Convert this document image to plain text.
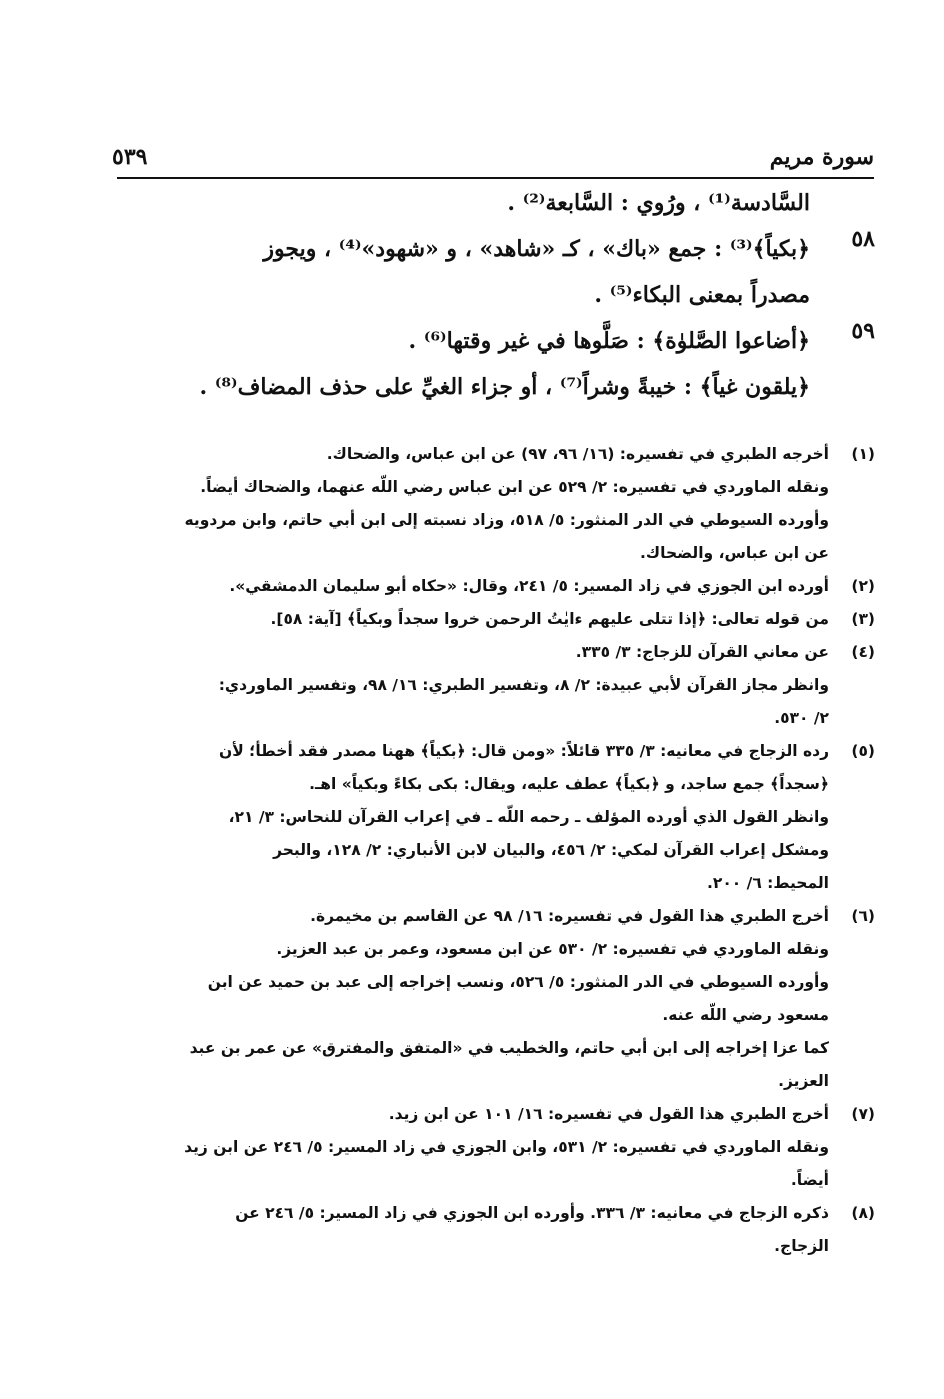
سورة مريم
٥٣٩
السَّادسة⁽¹⁾ ، ورُوي : السَّابعة⁽²⁾ .
٥٨
﴿بكياً﴾⁽³⁾ : جمع «باك» ، كـ «شاهد» ، و «شهود»⁽⁴⁾ ، ويجوز
مصدراً بمعنى البكاء⁽⁵⁾ .
٥٩
﴿أضاعوا الصَّلوٰة﴾ : صَلَّوها في غير وقتها⁽⁶⁾ .
﴿يلقون غياً﴾ : خيبةً وشراً⁽⁷⁾ ، أو جزاء الغيِّ على حذف المضاف⁽⁸⁾ .
(١)
أخرجه الطبري في تفسيره: (١٦/ ٩٦، ٩٧) عن ابن عباس، والضحاك.
ونقله الماوردي في تفسيره: ٢/ ٥٢٩ عن ابن عباس رضي اللّه عنهما، والضحاك أيضاً.
وأورده السيوطي في الدر المنثور: ٥/ ٥١٨، وزاد نسبته إلى ابن أبي حاتم، وابن مردويه
عن ابن عباس، والضحاك.
(٢)
أورده ابن الجوزي في زاد المسير: ٥/ ٢٤١، وقال: «حكاه أبو سليمان الدمشقي».
(٣)
من قوله تعالى: ﴿إذا تتلى عليهم ءايٰتُ الرحمن خروا سجداً وبكياً﴾ [آية: ٥٨].
(٤)
عن معاني القرآن للزجاج: ٣/ ٣٣٥.
وانظر مجاز القرآن لأبي عبيدة: ٢/ ٨، وتفسير الطبري: ١٦/ ٩٨، وتفسير الماوردي:
٢/ ٥٣٠.
(٥)
رده الزجاج في معانيه: ٣/ ٣٣٥ قائلاً: «ومن قال: ﴿بكياً﴾ ههنا مصدر فقد أخطأ؛ لأن
﴿سجداً﴾ جمع ساجد، و ﴿بكياً﴾ عطف عليه، ويقال: بكى بكاءً وبكياً» اهـ.
وانظر القول الذي أورده المؤلف ـ رحمه اللّه ـ في إعراب القرآن للنحاس: ٣/ ٢١،
ومشكل إعراب القرآن لمكي: ٢/ ٤٥٦، والبيان لابن الأنباري: ٢/ ١٢٨، والبحر
المحيط: ٦/ ٢٠٠.
(٦)
أخرج الطبري هذا القول في تفسيره: ١٦/ ٩٨ عن القاسم بن مخيمرة.
ونقله الماوردي في تفسيره: ٢/ ٥٣٠ عن ابن مسعود، وعمر بن عبد العزيز.
وأورده السيوطي في الدر المنثور: ٥/ ٥٢٦، ونسب إخراجه إلى عبد بن حميد عن ابن
مسعود رضي اللّه عنه.
كما عزا إخراجه إلى ابن أبي حاتم، والخطيب في «المتفق والمفترق» عن عمر بن عبد
العزيز.
(٧)
أخرج الطبري هذا القول في تفسيره: ١٦/ ١٠١ عن ابن زيد.
ونقله الماوردي في تفسيره: ٢/ ٥٣١، وابن الجوزي في زاد المسير: ٥/ ٢٤٦ عن ابن زيد
أيضاً.
(٨)
ذكره الزجاج في معانيه: ٣/ ٣٣٦. وأورده ابن الجوزي في زاد المسير: ٥/ ٢٤٦ عن
الزجاج.
